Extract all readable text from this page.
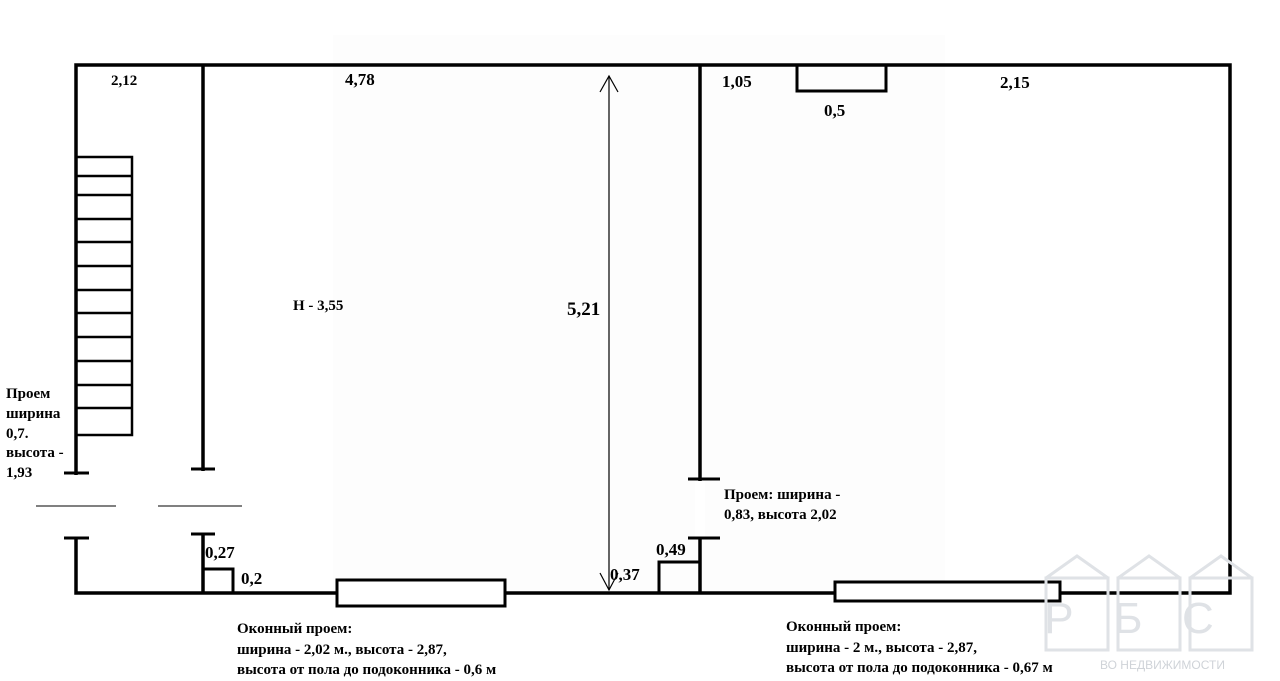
РБС
2,12	4,78	1,05
0,5
2,15
Н - 3,55	5,21
0,27
0,2
0,49
0,37
Проем ширина 0,7. высота - 1,93
Проем: ширина - 0,83, высота 2,02
Оконный проем:
ширина - 2,02 м., высота - 2,87,
высота от пола до подоконника - 0,6 м
Оконный проем:
ширина - 2 м., высота - 2,87,
высота от пола до подоконника - 0,67 м	ВО НЕДВИЖИМОСТИ
